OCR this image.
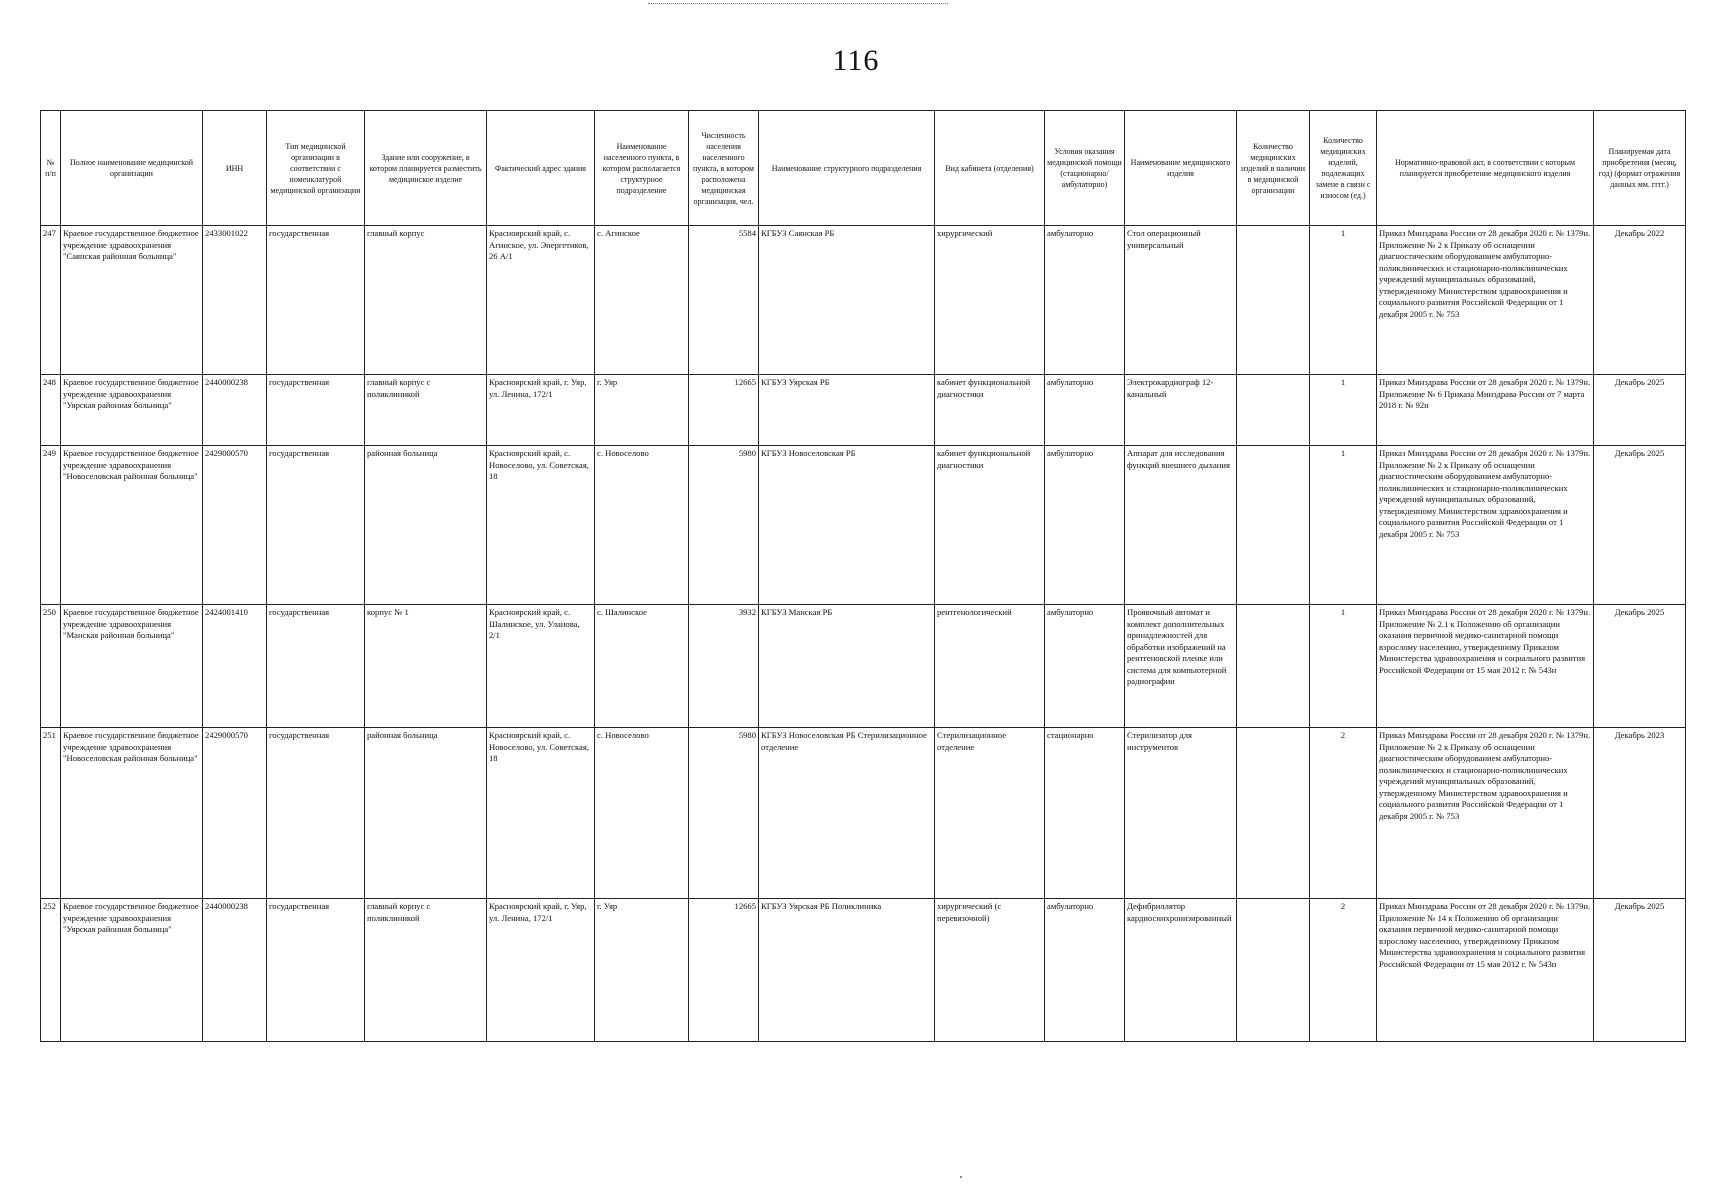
116
№ п/п	Полное наименование медицинской организации	ИНН	Тип медицинской организации в соответствии с номенклатурой медицинской организации	Здание или сооружение, в котором планируется разместить медицинское изделие	Фактический адрес здания	Наименование населенного пункта, в котором располагается структурное подразделение	Численность населения населенного пункта, в котором расположена медицинская организация, чел.	Наименование структурного подразделения	Вид кабинета (отделения)	Условия оказания медицинской помощи (стационарно/ амбулаторно)	Наименование медицинского изделия	Количество медицинских изделий в наличии в медицинской организации	Количество медицинских изделий, подлежащих замене в связи с износом (ед.)	Нормативно-правовой акт, в соответствии с которым планируется приобретение медицинского изделия	Планируемая дата приобретения (месяц, год) (формат отражения данных мм. гггг.)
247	Краевое государственное бюджетное учреждение здравоохранения "Саянская районная больница"	2433001022	государственная	главный корпус	Красноярский край, с. Агинское, ул. Энергетиков, 26 А/1	с. Агинское	5584	КГБУЗ Саянская РБ	хирургический	амбулаторно	Стол операционный универсальный		1	Приказ Минздрава России от 28 декабря 2020 г. № 1379н. Приложение № 2 к Приказу об оснащении диагностическим оборудованием амбулаторно-поликлинических и стационарно-поликлинических учреждений муниципальных образований, утвержденному Министерством здравоохранения и социального развития Российской Федерации от 1 декабря 2005 г. № 753	Декабрь 2022
248	Краевое государственное бюджетное учреждение здравоохранения "Уярская районная больница"	2440000238	государственная	главный корпус с поликлиникой	Красноярский край, г. Уяр, ул. Ленина, 172/1	г. Уяр	12665	КГБУЗ Уярская РБ	кабинет функциональной диагностики	амбулаторно	Электрокардиограф 12-канальный		1	Приказ Минздрава России от 28 декабря 2020 г. № 1379н. Приложение № 6 Приказа Минздрава России от 7 марта 2018 г. № 92н	Декабрь 2025
249	Краевое государственное бюджетное учреждение здравоохранения "Новоселовская районная больница"	2429000570	государственная	районная больница	Красноярский край, с. Новоселово, ул. Советская, 18	с. Новоселово	5980	КГБУЗ Новоселовская РБ	кабинет функциональной диагностики	амбулаторно	Аппарат для исследования функций внешнего дыхания		1	Приказ Минздрава России от 28 декабря 2020 г. № 1379н. Приложение № 2 к Приказу об оснащении диагностическим оборудованием амбулаторно-поликлинических и стационарно-поликлинических учреждений муниципальных образований, утвержденному Министерством здравоохранения и социального развития Российской Федерации от 1 декабря 2005 г. № 753	Декабрь 2025
250	Краевое государственное бюджетное учреждение здравоохранения "Манская районная больница"	2424001410	государственная	корпус № 1	Красноярский край, с. Шалинское, ул. Уланова, 2/1	с. Шалинское	3932	КГБУЗ Манская РБ	рентгенологический	амбулаторно	Проявочный автомат и комплект дополнительных принадлежностей для обработки изображений на рентгеновской пленке или система для компьютерной радиографии		1	Приказ Минздрава России от 28 декабря 2020 г. № 1379н. Приложение № 2.1 к Положению об организации оказания первичной медико-санитарной помощи взрослому населению, утвержденному Приказом Министерства здравоохранения и социального развития Российской Федерации от 15 мая 2012 г. № 543н	Декабрь 2025
251	Краевое государственное бюджетное учреждение здравоохранения "Новоселовская районная больница"	2429000570	государственная	районная больница	Красноярский край, с. Новоселово, ул. Советская, 18	с. Новоселово	5980	КГБУЗ Новоселовская РБ Стерилизационное отделение	Стерилизационное отделение	стационарно	Стерилизатор для инструментов		2	Приказ Минздрава России от 28 декабря 2020 г. № 1379н. Приложение № 2 к Приказу об оснащении диагностическим оборудованием амбулаторно-поликлинических и стационарно-поликлинических учреждений муниципальных образований, утвержденному Министерством здравоохранения и социального развития Российской Федерации от 1 декабря 2005 г. № 753	Декабрь 2023
252	Краевое государственное бюджетное учреждение здравоохранения "Уярская районная больница"	2440000238	государственная	главный корпус с поликлиникой	Красноярский край, г. Уяр, ул. Ленина, 172/1	г. Уяр	12665	КГБУЗ Уярская РБ Поликлиника	хирургический (с перевязочной)	амбулаторно	Дефибриллятор кардиосинхронизированный		2	Приказ Минздрава России от 28 декабря 2020 г. № 1379н. Приложение № 14 к Положению об организации оказания первичной медико-санитарной помощи взрослому населению, утвержденному Приказом Министерства здравоохранения и социального развития Российской Федерации от 15 мая 2012 г. № 543н	Декабрь 2025
